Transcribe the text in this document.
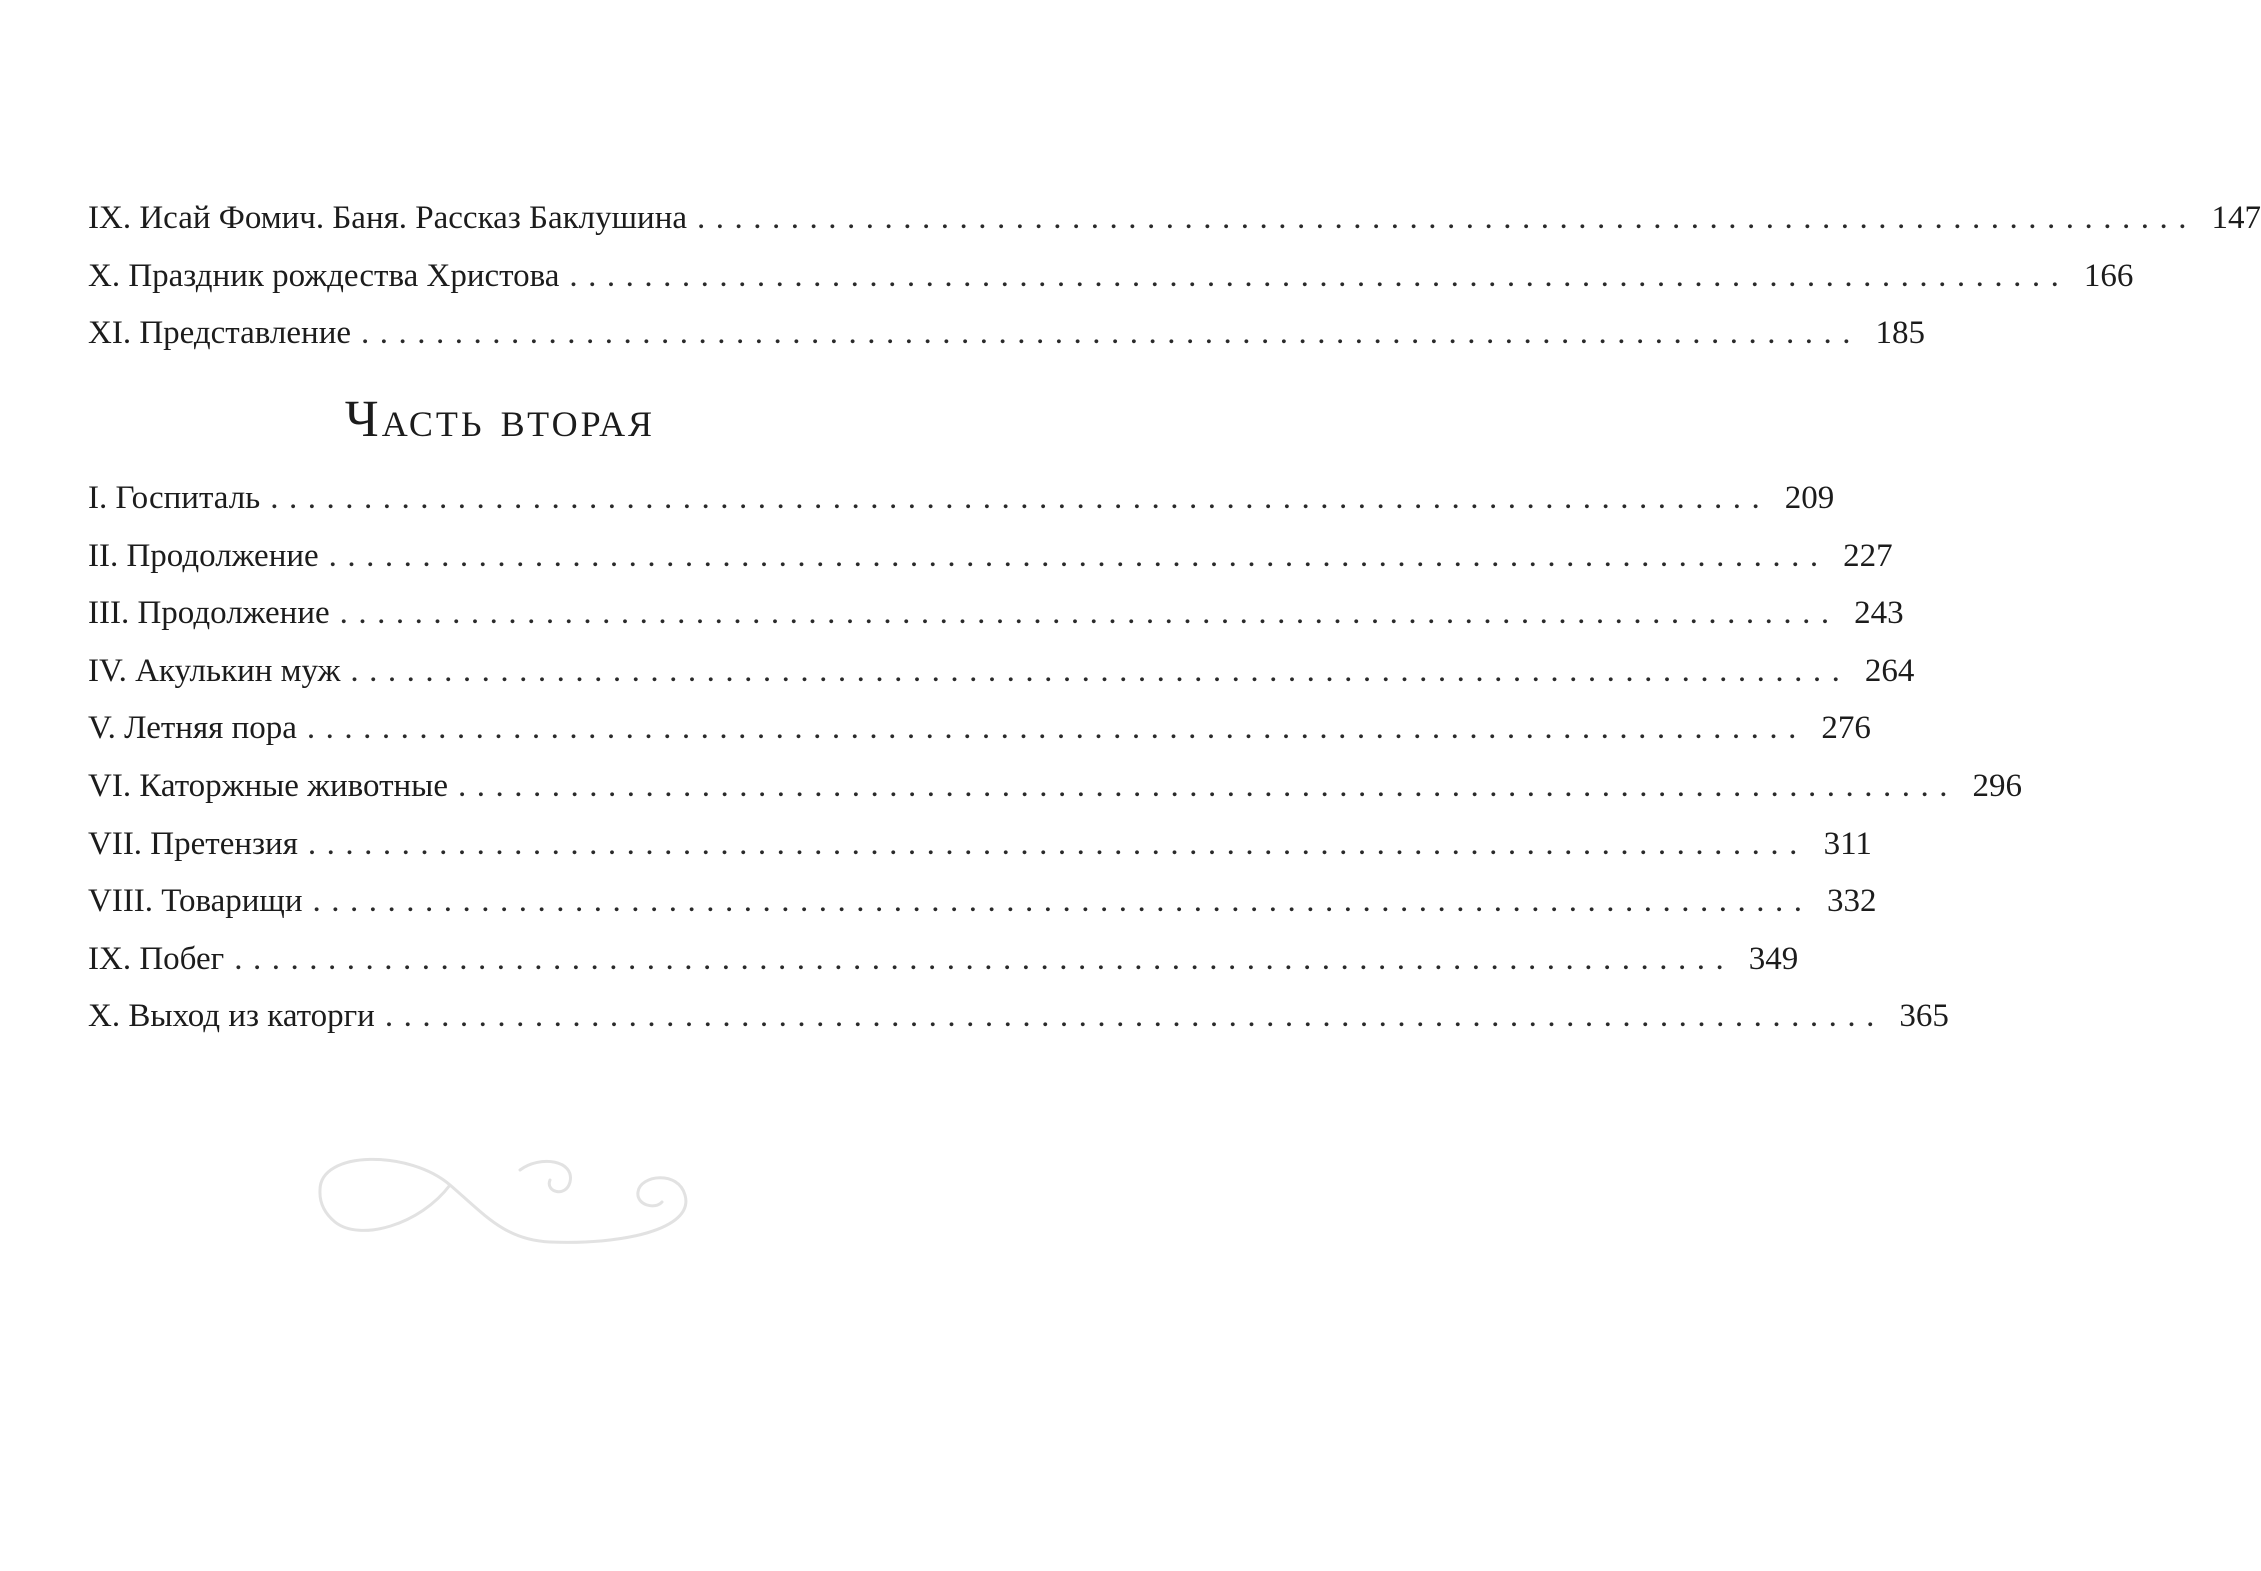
IX. Исай Фомич. Баня. Рассказ Баклушина ................................................................................ 147
X. Праздник рождества Христова ................................................................................ 166
XI. Представление ................................................................................ 185
Часть вторая
I. Госпиталь ................................................................................ 209
II. Продолжение ................................................................................ 227
III. Продолжение ................................................................................ 243
IV. Акулькин муж ................................................................................ 264
V. Летняя пора ................................................................................ 276
VI. Каторжные животные ................................................................................ 296
VII. Претензия ................................................................................ 311
VIII. Товарищи ................................................................................ 332
IX. Побег ................................................................................ 349
X. Выход из каторги ................................................................................ 365
